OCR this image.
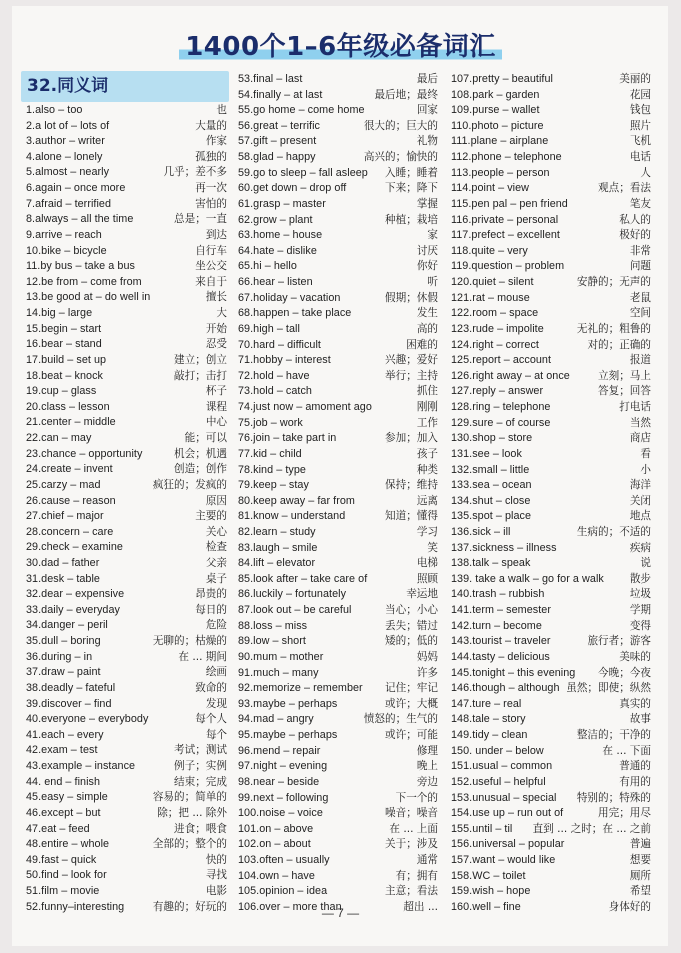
1400个1–6年级必备词汇
32.同义词
1.also – too	也
2.a lot of – lots of	大量的
3.author – writer	作家
4.alone – lonely	孤独的
5.almost – nearly	几乎；差不多
6.again – once more	再一次
7.afraid – terrified	害怕的
8.always – all the time	总是；一直
9.arrive – reach	到达
10.bike – bicycle	自行车
11.by bus – take a bus	坐公交
12.be from – come from	来自于
13.be good at – do well in	擅长
14.big – large	大
15.begin – start	开始
16.bear – stand	忍受
17.build – set up	建立；创立
18.beat – knock	敲打；击打
19.cup – glass	杯子
20.class – lesson	课程
21.center – middle	中心
22.can – may	能；可以
23.chance – opportunity	机会；机遇
24.create – invent	创造；创作
25.carzy – mad	疯狂的；发疯的
26.cause – reason	原因
27.chief – major	主要的
28.concern – care	关心
29.check – examine	检查
30.dad – father	父亲
31.desk – table	桌子
32.dear – expensive	昂贵的
33.daily – everyday	每日的
34.danger – peril	危险
35.dull – boring	无聊的；枯燥的
36.during – in	在 ... 期间
37.draw – paint	绘画
38.deadly – fateful	致命的
39.discover – find	发现
40.everyone – everybody	每个人
41.each – every	每个
42.exam – test	考试；测试
43.example – instance	例子；实例
44. end – finish	结束；完成
45.easy – simple	容易的；简单的
46.except – but	除；把 ... 除外
47.eat – feed	进食；喂食
48.entire – whole	全部的；整个的
49.fast – quick	快的
50.find – look for	寻找
51.film – movie	电影
52.funny–interesting	有趣的；好玩的
53.final – last	最后
54.finally – at last	最后地；最终
55.go home – come home	回家
56.great – terrific	很大的；巨大的
57.gift – present	礼物
58.glad – happy	高兴的；愉快的
59.go to sleep – fall asleep 入睡；睡着
60.get down – drop off	下来；降下
61.grasp – master	掌握
62.grow – plant	种植；栽培
63.home – house	家
64.hate – dislike	讨厌
65.hi – hello	你好
66.hear – listen	听
67.holiday – vacation	假期；休假
68.happen – take place	发生
69.high – tall	高的
70.hard – difficult	困难的
71.hobby – interest	兴趣；爱好
72.hold – have	举行；主持
73.hold – catch	抓住
74.just now – amoment ago	刚刚
75.job – work	工作
76.join – take part in	参加；加入
77.kid – child	孩子
78.kind – type	种类
79.keep – stay	保持；维持
80.keep away – far from	远离
81.know – understand	知道；懂得
82.learn – study	学习
83.laugh – smile	笑
84.lift – elevator	电梯
85.look after – take care of	照顾
86.luckily – fortunately	幸运地
87.look out – be careful	当心；小心
88.loss – miss	丢失；错过
89.low – short	矮的；低的
90.mum – mother	妈妈
91.much – many	许多
92.memorize – remember 记住；牢记
93.maybe – perhaps	或许；大概
94.mad – angry	愤怒的；生气的
95.maybe – perhaps	或许；可能
96.mend – repair	修理
97.night – evening	晚上
98.near – beside	旁边
99.next – following	下一个的
100.noise – voice	噪音；噪音
101.on – above	在 ... 上面
102.on – about	关于；涉及
103.often – usually	通常
104.own – have	有；拥有
105.opinion – idea	主意；看法
106.over – more than	超出 ...
107.pretty – beautiful	美丽的
108.park – garden	花园
109.purse – wallet	钱包
110.photo – picture	照片
111.plane – airplane	飞机
112.phone – telephone	电话
113.people – person	人
114.point – view	观点；看法
115.pen pal – pen friend	笔友
116.private – personal	私人的
117.prefect – excellent	极好的
118.quite – very	非常
119.question – problem	问题
120.quiet – silent	安静的；无声的
121.rat – mouse	老鼠
122.room – space	空间
123.rude – impolite	无礼的；粗鲁的
124.right – correct	对的；正确的
125.report – account	报道
126.right away – at once	立刻；马上
127.reply – answer	答复；回答
128.ring – telephone	打电话
129.sure – of course	当然
130.shop – store	商店
131.see – look	看
132.small – little	小
133.sea – ocean	海洋
134.shut – close	关闭
135.spot – place	地点
136.sick – ill	生病的；不适的
137.sickness – illness	疾病
138.talk – speak	说
139. take a walk – go for a walk 散步
140.trash – rubbish	垃圾
141.term – semester	学期
142.turn – become	变得
143.tourist – traveler	旅行者；游客
144.tasty – delicious	美味的
145.tonight – this evening 今晚；今夜
146.though – although 虽然；即使；纵然
147.ture – real	真实的
148.tale – story	故事
149.tidy – clean	整洁的；干净的
150. under – below	在 ... 下面
151.usual – common	普通的
152.useful – helpful	有用的
153.unusual – special 特别的；特殊的
154.use up – run out of	用完；用尽
155.until – til 直到 ... 之时；在 ... 之前
156.universal – popular	普遍
157.want – would like	想要
158.WC – toilet	厕所
159.wish – hope	希望
160.well – fine	身体好的
— 7 —
